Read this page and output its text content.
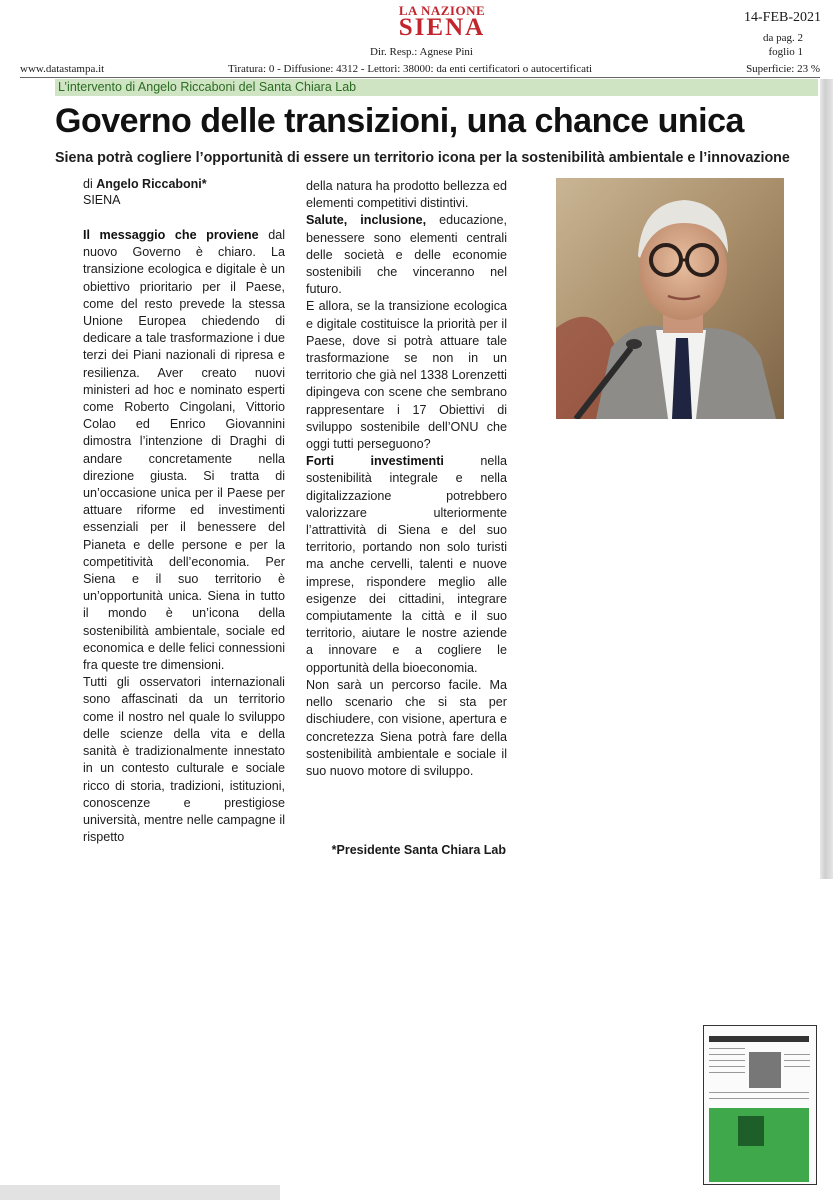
LA NAZIONE
SIENA	14-FEB-2021
da pag. 2
foglio 1
Dir. Resp.: Agnese Pini
www.datastampa.it	Tiratura: 0 - Diffusione: 4312 - Lettori: 38000: da enti certificatori o autocertificati	Superficie: 23 %
L’intervento di Angelo Riccaboni del Santa Chiara Lab
Governo delle transizioni, una chance unica
Siena potrà cogliere l’opportunità di essere un territorio icona per la sostenibilità ambientale e l’innovazione
di Angelo Riccaboni*
SIENA

Il messaggio che proviene dal nuovo Governo è chiaro. La transizione ecologica e digitale è un obiettivo prioritario per il Paese, come del resto prevede la stessa Unione Europea chiedendo di dedicare a tale trasformazione i due terzi dei Piani nazionali di ripresa e resilienza. Aver creato nuovi ministeri ad hoc e nominato esperti come Roberto Cingolani, Vittorio Colao ed Enrico Giovannini dimostra l’intenzione di Draghi di andare concretamente nella direzione giusta. Si tratta di un’occasione unica per il Paese per attuare riforme ed investimenti essenziali per il benessere del Pianeta e delle persone e per la competitività dell’economia. Per Siena e il suo territorio è un’opportunità unica. Siena in tutto il mondo è un’icona della sostenibilità ambientale, sociale ed economica e delle felici connessioni fra queste tre dimensioni.

Tutti gli osservatori internazionali sono affascinati da un territorio come il nostro nel quale lo sviluppo delle scienze della vita e della sanità è tradizionalmente innestato in un contesto culturale e sociale ricco di storia, tradizioni, istituzioni, conoscenze e prestigiose università, mentre nelle campagne il rispetto

della natura ha prodotto bellezza ed elementi competitivi distintivi.

Salute, inclusione, educazione, benessere sono elementi centrali delle società e delle economie sostenibili che vinceranno nel futuro.

E allora, se la transizione ecologica e digitale costituisce la priorità per il Paese, dove si potrà attuare tale trasformazione se non in un territorio che già nel 1338 Lorenzetti dipingeva con scene che sembrano rappresentare i 17 Obiettivi di sviluppo sostenibile dell’ONU che oggi tutti perseguono?

Forti investimenti nella sostenibilità integrale e nella digitalizzazione potrebbero valorizzare ulteriormente l’attrattività di Siena e del suo territorio, portando non solo turisti ma anche cervelli, talenti e nuove imprese, rispondere meglio alle esigenze dei cittadini, integrare compiutamente la città e il suo territorio, aiutare le nostre aziende a innovare e a cogliere le opportunità della bioeconomia.

Non sarà un percorso facile. Ma nello scenario che si sta per dischiudere, con visione, apertura e concretezza Siena potrà fare della sostenibilità ambientale e sociale il suo nuovo motore di sviluppo.

*Presidente Santa Chiara Lab
